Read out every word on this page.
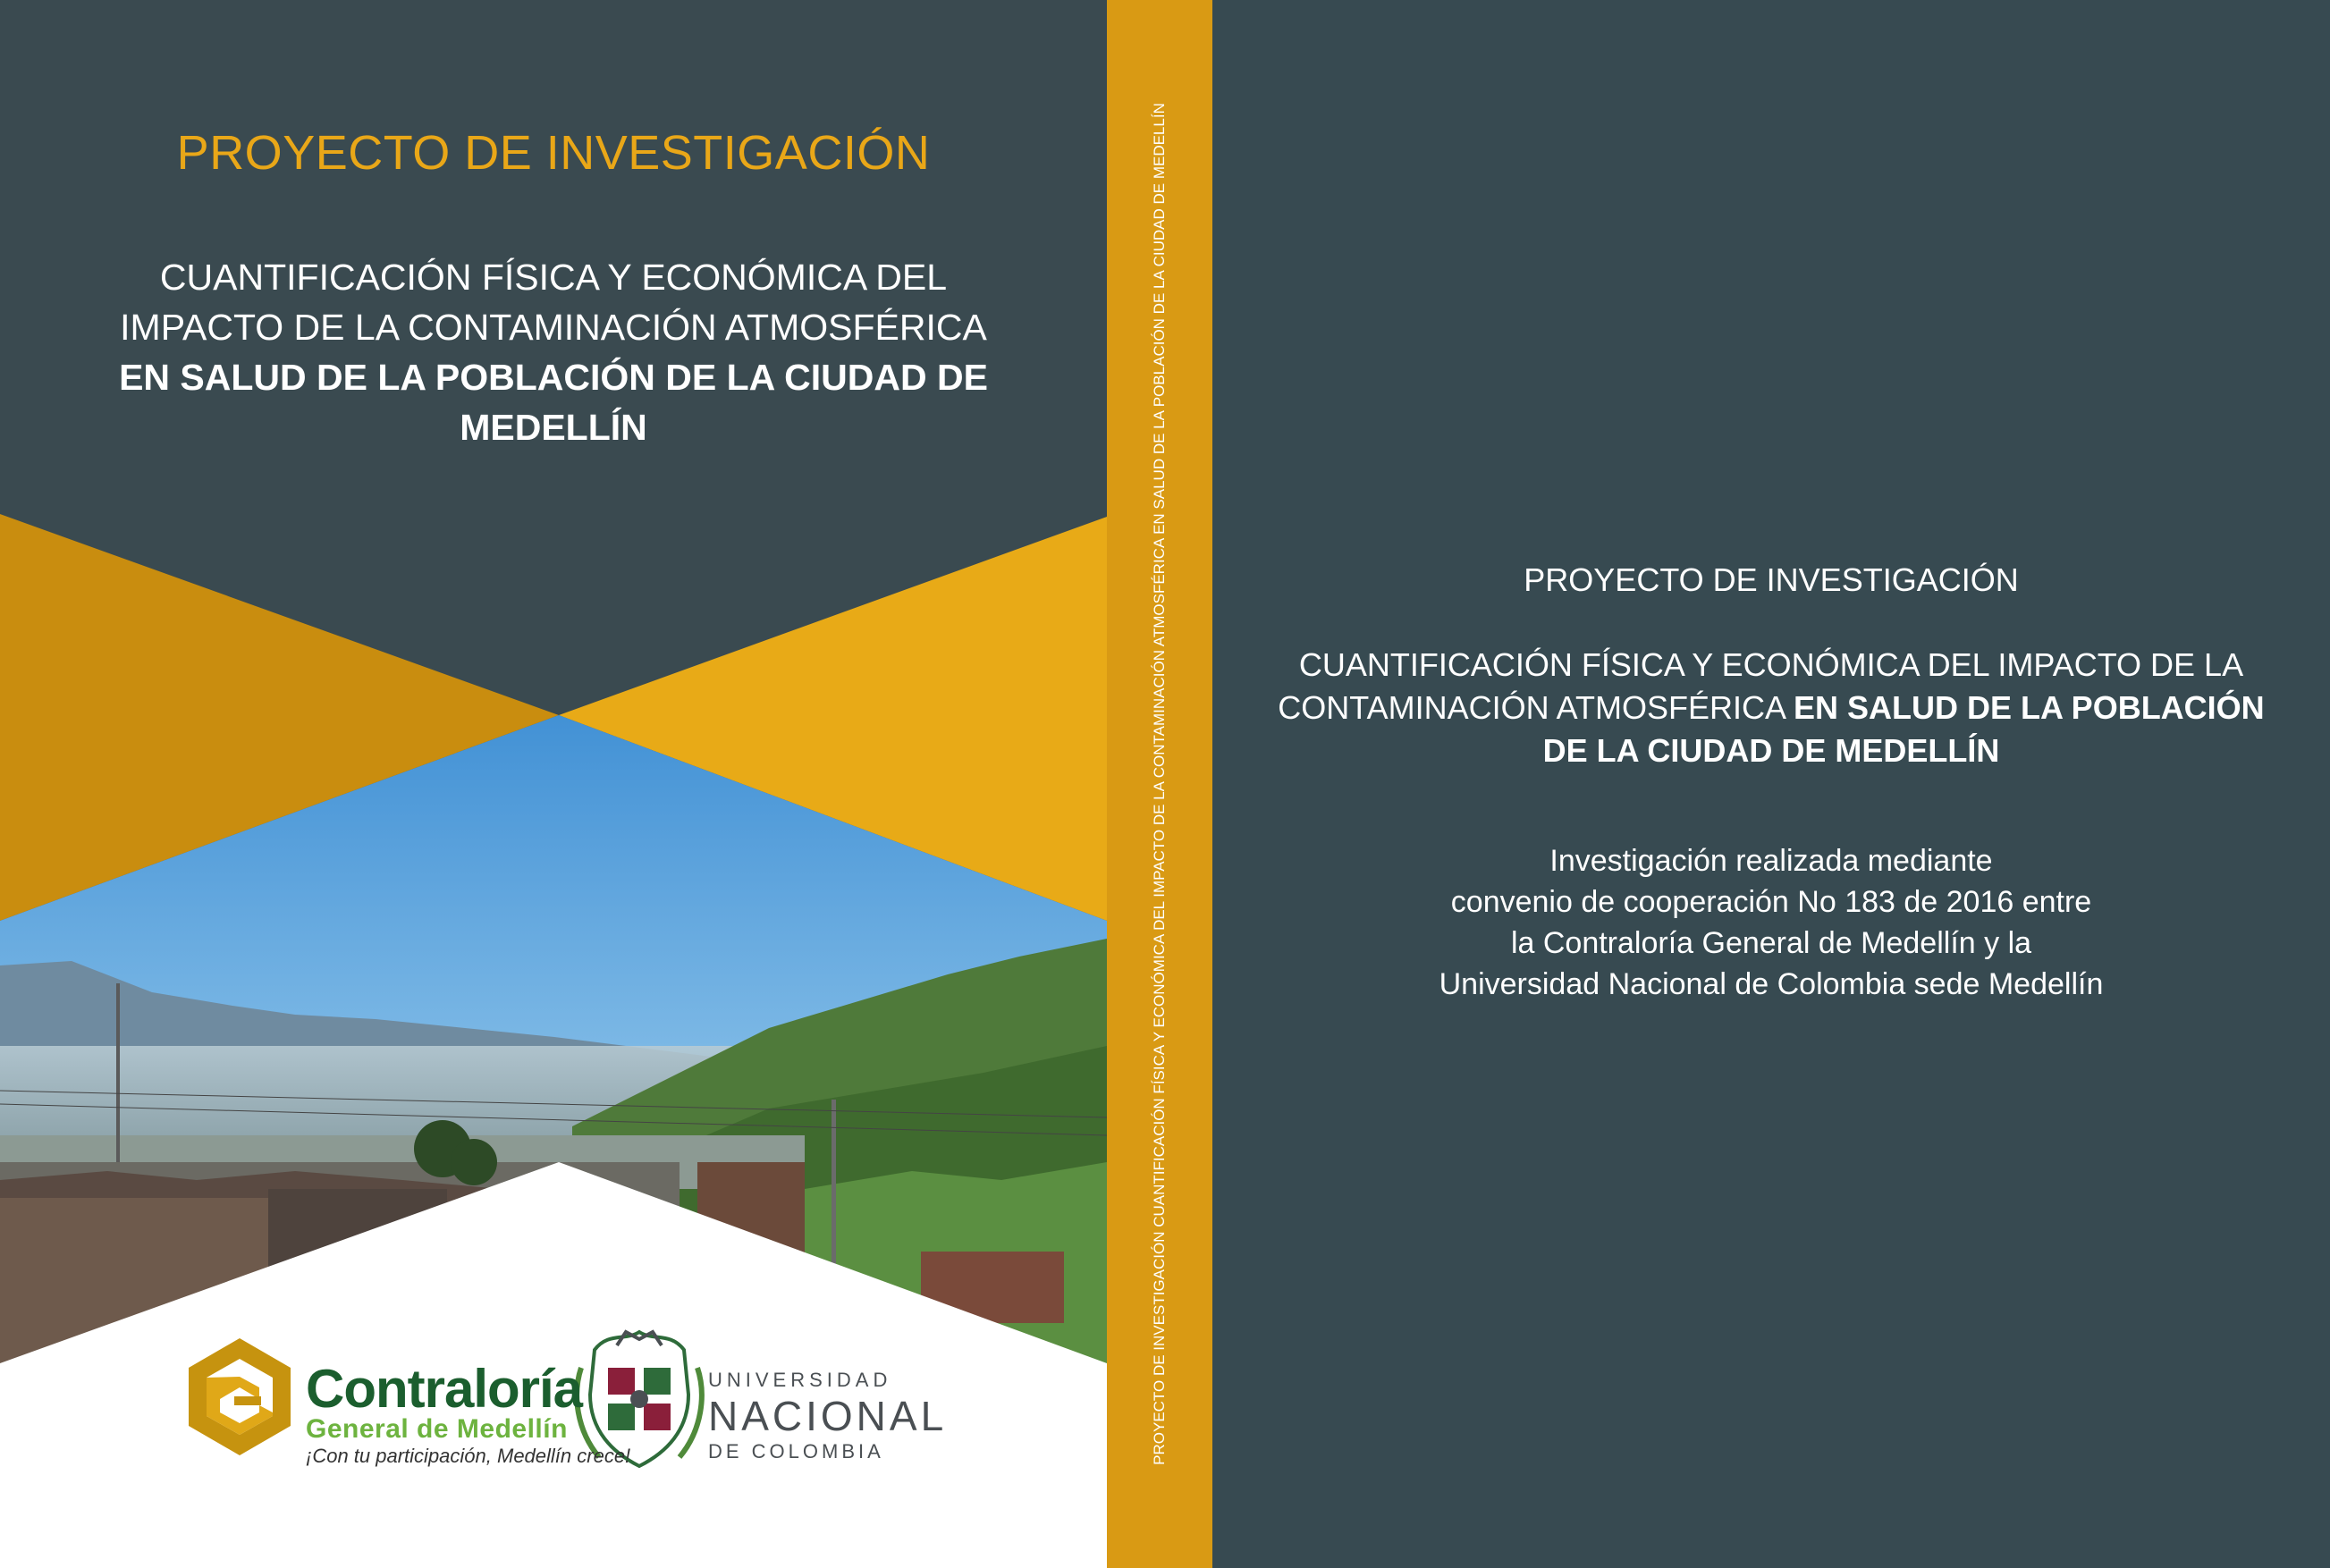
PROYECTO DE INVESTIGACIÓN
CUANTIFICACIÓN FÍSICA Y ECONÓMICA DEL
IMPACTO DE LA CONTAMINACIÓN ATMOSFÉRICA
EN SALUD DE LA POBLACIÓN DE LA CIUDAD DE
MEDELLÍN
Contraloría
General de Medellín
¡Con tu participación, Medellín crece!
UNIVERSIDAD
NACIONAL
DE COLOMBIA	PROYECTO DE INVESTIGACIÓN CUANTIFICACIÓN FÍSICA Y ECONÓMICA DEL IMPACTO DE LA CONTAMINACIÓN ATMOSFÉRICA EN SALUD DE LA POBLACIÓN DE LA CIUDAD DE MEDELLÍN	PROYECTO DE INVESTIGACIÓN

CUANTIFICACIÓN FÍSICA Y ECONÓMICA DEL IMPACTO DE LA CONTAMINACIÓN ATMOSFÉRICA EN SALUD DE LA POBLACIÓN DE LA CIUDAD DE MEDELLÍN

Investigación realizada mediante
convenio de cooperación No 183 de 2016 entre
la Contraloría General de Medellín y la
Universidad Nacional de Colombia sede Medellín
